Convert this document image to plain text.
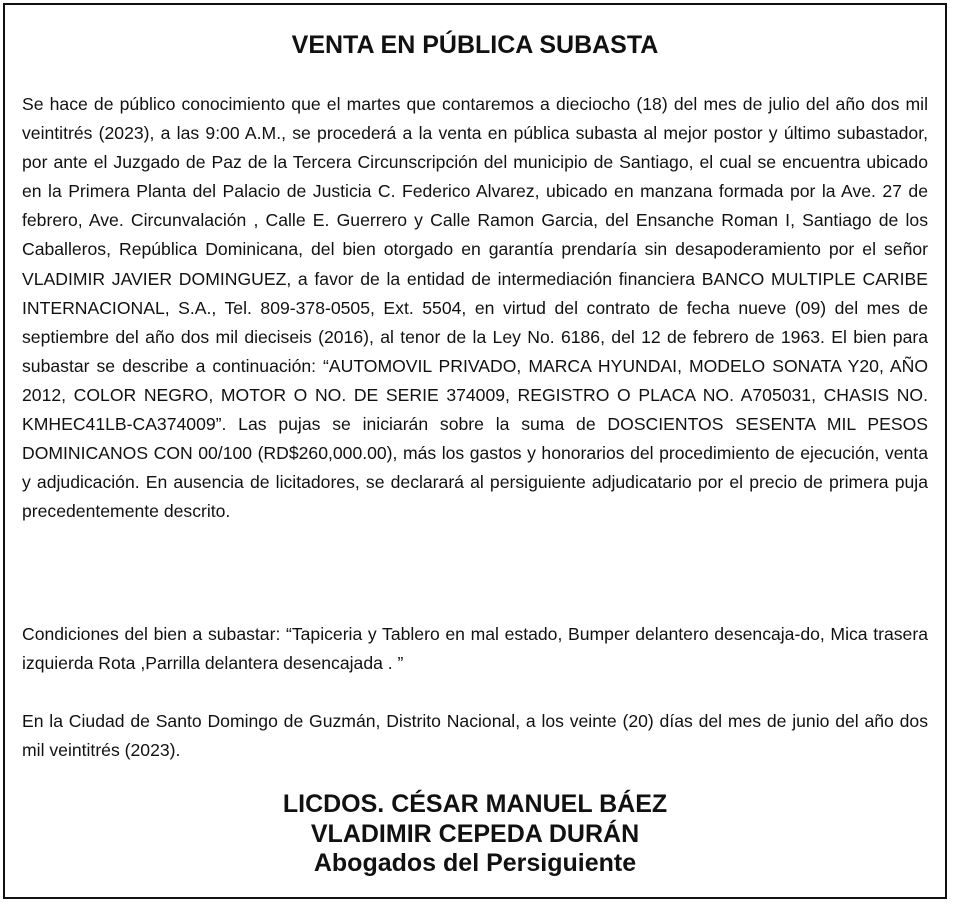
VENTA EN PÚBLICA SUBASTA

Se hace de público conocimiento que el martes que contaremos a dieciocho (18) del mes de julio del año dos mil veintitrés (2023), a las 9:00 A.M., se procederá a la venta en pública subasta al mejor postor y último subastador, por ante el Juzgado de Paz de la Tercera Circunscripción del municipio de Santiago, el cual se encuentra ubicado en la Primera Planta del Palacio de Justicia C. Federico Alvarez, ubicado en manzana formada por la Ave. 27 de febrero, Ave. Circunvalación , Calle E. Guerrero y Calle Ramon Garcia, del Ensanche Roman I, Santiago de los Caballeros, República Dominicana, del bien otorgado en garantía prendaría sin desapoderamiento por el señor VLADIMIR JAVIER DOMINGUEZ, a favor de la entidad de intermediación financiera BANCO MULTIPLE CARIBE INTERNACIONAL, S.A., Tel. 809-378-0505, Ext. 5504, en virtud del contrato de fecha nueve (09) del mes de septiembre del año dos mil dieciseis (2016), al tenor de la Ley No. 6186, del 12 de febrero de 1963. El bien para subastar se describe a continuación: “AUTOMOVIL PRIVADO, MARCA HYUNDAI, MODELO SONATA Y20, AÑO 2012, COLOR NEGRO, MOTOR O NO. DE SERIE 374009, REGISTRO O PLACA NO. A705031, CHASIS NO. KMHEC41LB-CA374009”. Las pujas se iniciarán sobre la suma de DOSCIENTOS SESENTA MIL PESOS DOMINICANOS CON 00/100 (RD$260,000.00), más los gastos y honorarios del procedimiento de ejecución, venta y adjudicación. En ausencia de licitadores, se declarará al persiguiente adjudicatario por el precio de primera puja precedentemente descrito.

Condiciones del bien a subastar: “Tapiceria y Tablero en mal estado, Bumper delantero desencaja-do, Mica trasera izquierda Rota ,Parrilla delantera desencajada . ”

En la Ciudad de Santo Domingo de Guzmán, Distrito Nacional, a los veinte (20) días del mes de junio del año dos mil veintitrés (2023).

LICDOS. CÉSAR MANUEL BÁEZ
VLADIMIR CEPEDA DURÁN
Abogados del Persiguiente
